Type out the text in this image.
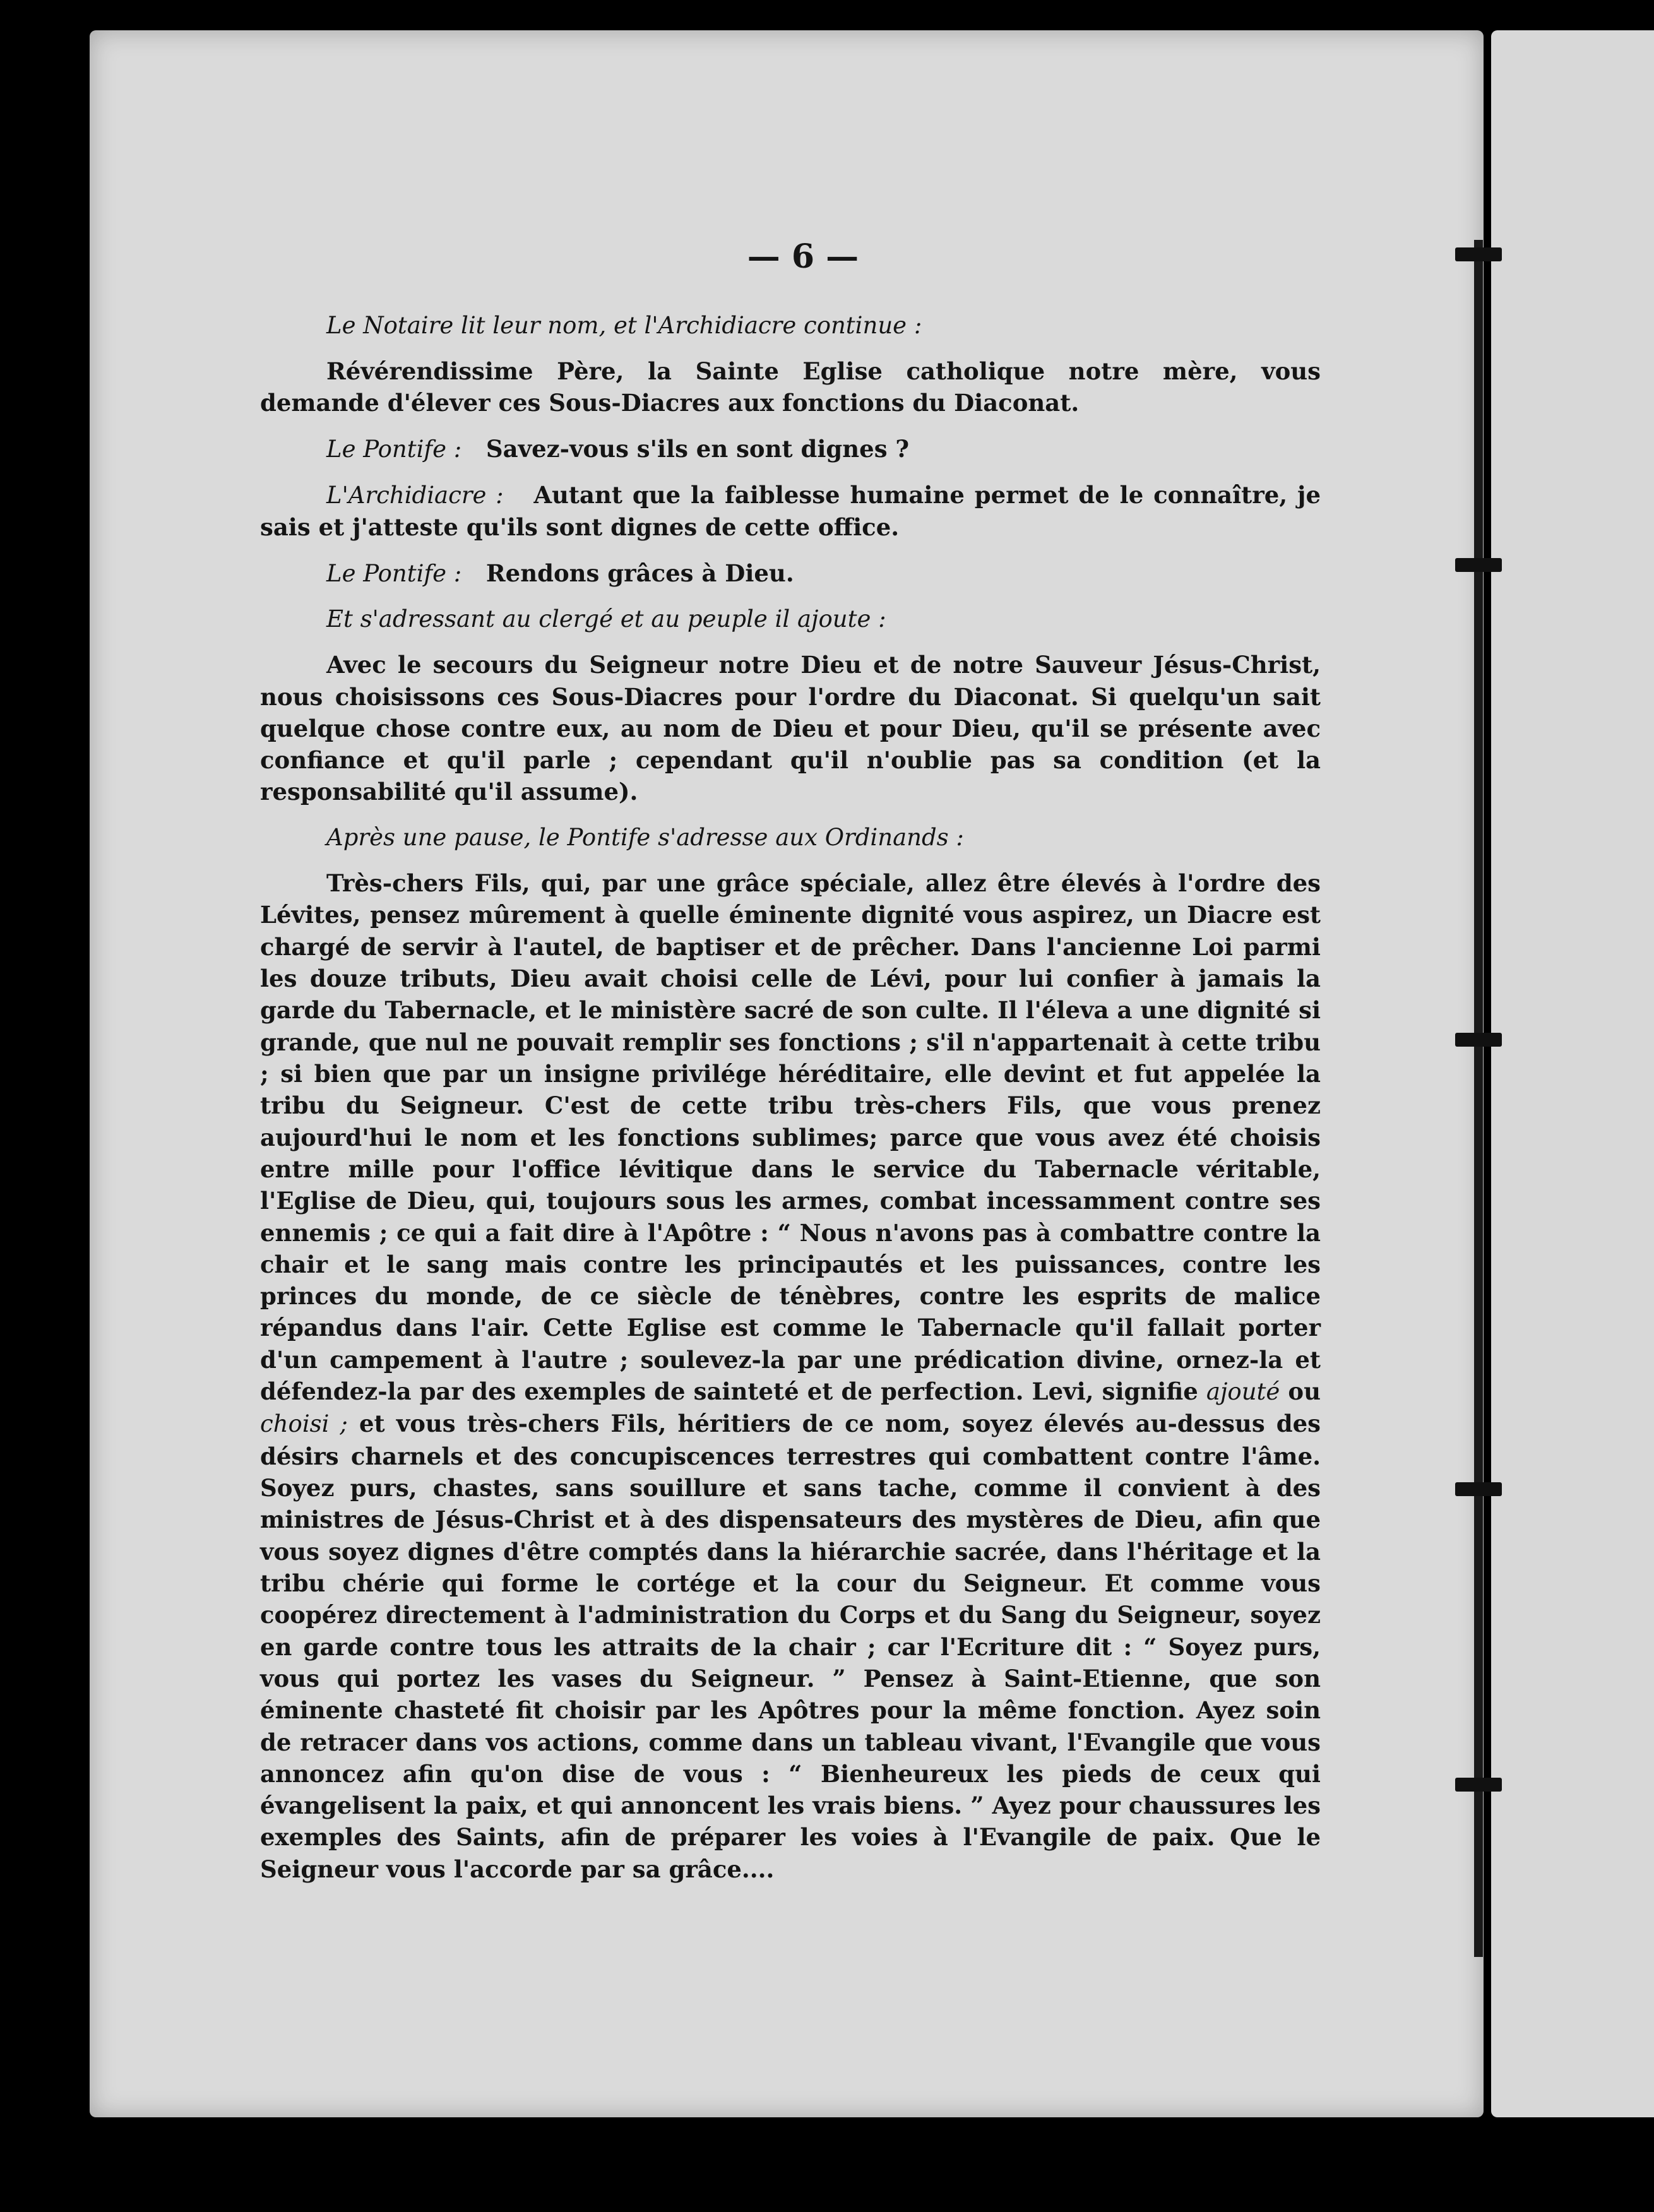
— 6 —

Le Notaire lit leur nom, et l'Archidiacre continue :

Révérendissime Père, la Sainte Eglise catholique notre mère, vous demande d'élever ces Sous-Diacres aux fonctions du Diaconat.

Le Pontife : Savez-vous s'ils en sont dignes ?

L'Archidiacre : Autant que la faiblesse humaine permet de le connaître, je sais et j'atteste qu'ils sont dignes de cette office.

Le Pontife : Rendons grâces à Dieu.

Et s'adressant au clergé et au peuple il ajoute :

Avec le secours du Seigneur notre Dieu et de notre Sauveur Jésus-Christ, nous choisissons ces Sous-Diacres pour l'ordre du Diaconat. Si quelqu'un sait quelque chose contre eux, au nom de Dieu et pour Dieu, qu'il se présente avec confiance et qu'il parle ; cependant qu'il n'oublie pas sa condition (et la responsabilité qu'il assume).

Après une pause, le Pontife s'adresse aux Ordinands :

Très-chers Fils, qui, par une grâce spéciale, allez être élevés à l'ordre des Lévites, pensez mûrement à quelle éminente dignité vous aspirez, un Diacre est chargé de servir à l'autel, de baptiser et de prêcher. Dans l'ancienne Loi parmi les douze tributs, Dieu avait choisi celle de Lévi, pour lui confier à jamais la garde du Tabernacle, et le ministère sacré de son culte. Il l'éleva a une dignité si grande, que nul ne pouvait remplir ses fonctions ; s'il n'appartenait à cette tribu ; si bien que par un insigne privilége héréditaire, elle devint et fut appelée la tribu du Seigneur. C'est de cette tribu très-chers Fils, que vous prenez aujourd'hui le nom et les fonctions sublimes; parce que vous avez été choisis entre mille pour l'office lévitique dans le service du Tabernacle véritable, l'Eglise de Dieu, qui, toujours sous les armes, combat incessamment contre ses ennemis ; ce qui a fait dire à l'Apôtre : “ Nous n'avons pas à combattre contre la chair et le sang mais contre les principautés et les puissances, contre les princes du monde, de ce siècle de ténèbres, contre les esprits de malice répandus dans l'air. Cette Eglise est comme le Tabernacle qu'il fallait porter d'un campement à l'autre ; soulevez-la par une prédication divine, ornez-la et défendez-la par des exemples de sainteté et de perfection. Levi, signifie ajouté ou choisi ; et vous très-chers Fils, héritiers de ce nom, soyez élevés au-dessus des désirs charnels et des concupiscences terrestres qui combattent contre l'âme. Soyez purs, chastes, sans souillure et sans tache, comme il convient à des ministres de Jésus-Christ et à des dispensateurs des mystères de Dieu, afin que vous soyez dignes d'être comptés dans la hiérarchie sacrée, dans l'héritage et la tribu chérie qui forme le cortége et la cour du Seigneur. Et comme vous coopérez directement à l'administration du Corps et du Sang du Seigneur, soyez en garde contre tous les attraits de la chair ; car l'Ecriture dit : “ Soyez purs, vous qui portez les vases du Seigneur. ” Pensez à Saint-Etienne, que son éminente chasteté fit choisir par les Apôtres pour la même fonction. Ayez soin de retracer dans vos actions, comme dans un tableau vivant, l'Evangile que vous annoncez afin qu'on dise de vous : “ Bienheureux les pieds de ceux qui évangelisent la paix, et qui annoncent les vrais biens. ” Ayez pour chaussures les exemples des Saints, afin de préparer les voies à l'Evangile de paix. Que le Seigneur vous l'accorde par sa grâce....
